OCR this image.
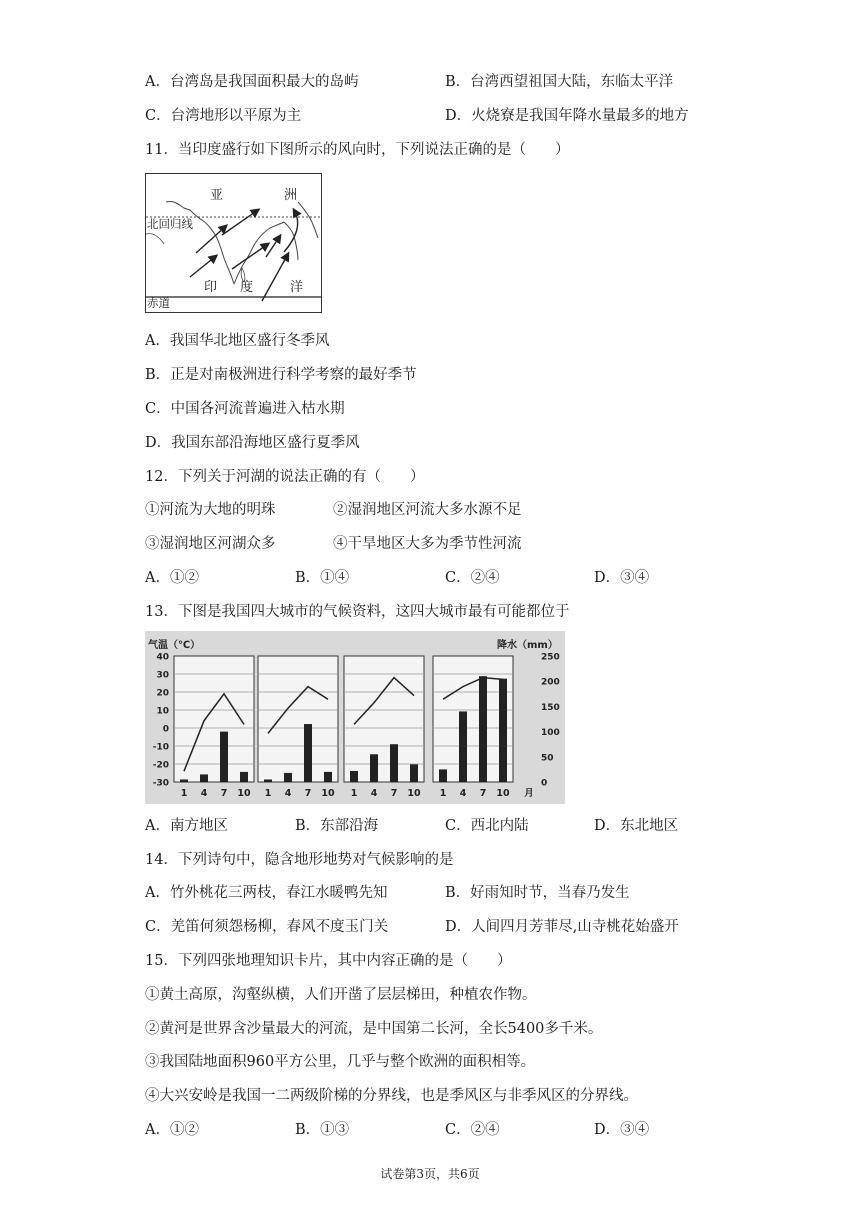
A．台湾岛是我国面积最大的岛屿	B．台湾西望祖国大陆，东临太平洋
C．台湾地形以平原为主	D．火烧寮是我国年降水量最多的地方
11．当印度盛行如下图所示的风向时，下列说法正确的是（　　）
亚	洲
北回归线
印 度	洋
赤道
A．我国华北地区盛行冬季风
B．正是对南极洲进行科学考察的最好季节
C．中国各河流普遍进入枯水期
D．我国东部沿海地区盛行夏季风
12．下列关于河湖的说法正确的有（　　）
①河流为大地的明珠	②湿润地区河流大多水源不足
③湿润地区河湖众多	④干旱地区大多为季节性河流
A．①②	B．①④	C．②④	D．③④
13．下图是我国四大城市的气候资料，这四大城市最有可能都位于
气温（℃）	降水（mm）
40
30
20
10
0
-10
-20
-30
250
200
150
100
50
0
1 4 7 10 1 4 7 10 1 4 7 10 1 4 7 10 月
A．南方地区	B．东部沿海	C．西北内陆	D．东北地区
14．下列诗句中，隐含地形地势对气候影响的是
A．竹外桃花三两枝，春江水暖鸭先知	B．好雨知时节，当春乃发生
C．羌笛何须怨杨柳，春风不度玉门关	D．人间四月芳菲尽,山寺桃花始盛开
15．下列四张地理知识卡片，其中内容正确的是（　　）
①黄土高原，沟壑纵横，人们开凿了层层梯田，种植农作物。
②黄河是世界含沙量最大的河流，是中国第二长河，全长5400多千米。
③我国陆地面积960平方公里，几乎与整个欧洲的面积相等。
④大兴安岭是我国一二两级阶梯的分界线，也是季风区与非季风区的分界线。
A．①②	B．①③	C．②④	D．③④
试卷第3页，共6页
